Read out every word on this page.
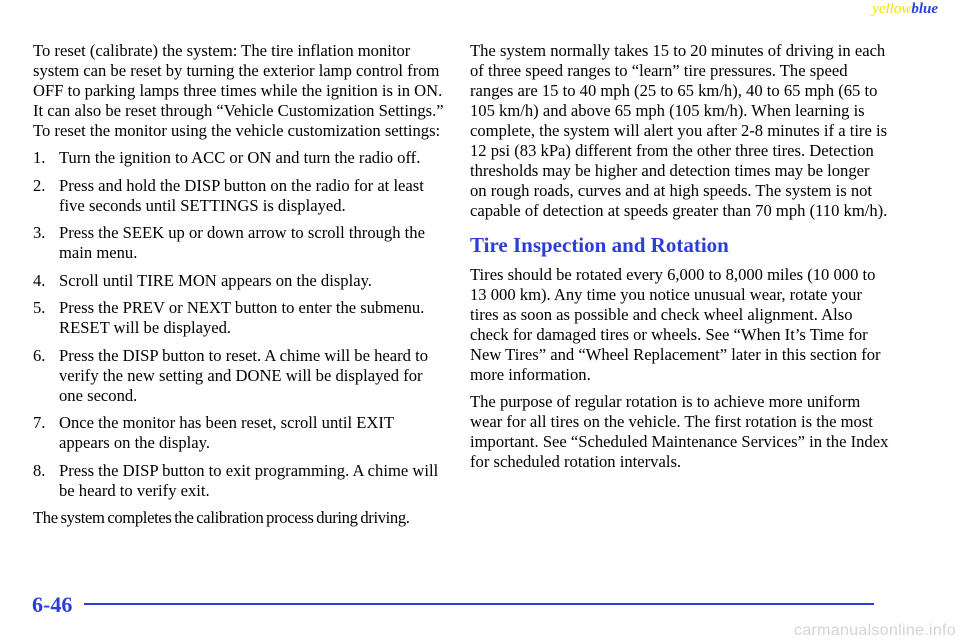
yellowblue

To reset (calibrate) the system: The tire inflation monitor system can be reset by turning the exterior lamp control from OFF to parking lamps three times while the ignition is in ON. It can also be reset through “Vehicle Customization Settings.” To reset the monitor using the vehicle customization settings:

1. Turn the ignition to ACC or ON and turn the radio off.
2. Press and hold the DISP button on the radio for at least five seconds until SETTINGS is displayed.
3. Press the SEEK up or down arrow to scroll through the main menu.
4. Scroll until TIRE MON appears on the display.
5. Press the PREV or NEXT button to enter the submenu. RESET will be displayed.
6. Press the DISP button to reset. A chime will be heard to verify the new setting and DONE will be displayed for one second.
7. Once the monitor has been reset, scroll until EXIT appears on the display.
8. Press the DISP button to exit programming. A chime will be heard to verify exit.

The system completes the calibration process during driving.

The system normally takes 15 to 20 minutes of driving in each of three speed ranges to “learn” tire pressures. The speed ranges are 15 to 40 mph (25 to 65 km/h), 40 to 65 mph (65 to 105 km/h) and above 65 mph (105 km/h). When learning is complete, the system will alert you after 2‐8 minutes if a tire is 12 psi (83 kPa) different from the other three tires. Detection thresholds may be higher and detection times may be longer on rough roads, curves and at high speeds. The system is not capable of detection at speeds greater than 70 mph (110 km/h).

Tire Inspection and Rotation

Tires should be rotated every 6,000 to 8,000 miles (10 000 to 13 000 km). Any time you notice unusual wear, rotate your tires as soon as possible and check wheel alignment. Also check for damaged tires or wheels. See “When It’s Time for New Tires” and “Wheel Replacement” later in this section for more information.

The purpose of regular rotation is to achieve more uniform wear for all tires on the vehicle. The first rotation is the most important. See “Scheduled Maintenance Services” in the Index for scheduled rotation intervals.

6-46
carmanualsonline.info
